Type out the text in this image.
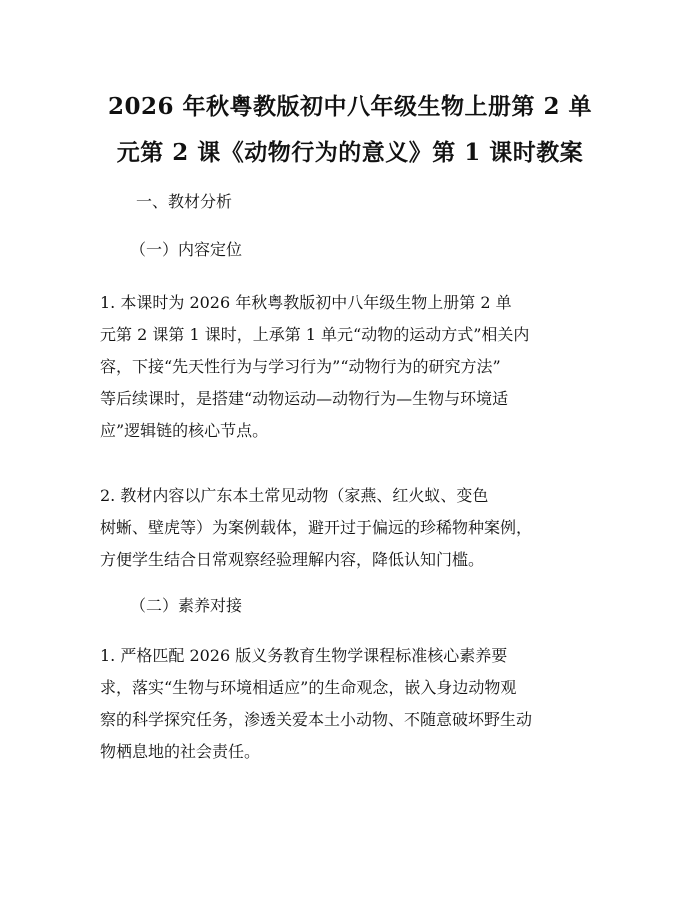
2026 年秋粤教版初中八年级生物上册第 2 单
元第 2 课《动物行为的意义》第 1 课时教案

一、教材分析

（一）内容定位

1. 本课时为 2026 年秋粤教版初中八年级生物上册第 2 单
元第 2 课第 1 课时，上承第 1 单元“动物的运动方式”相关内
容，下接“先天性行为与学习行为”“动物行为的研究方法”
等后续课时，是搭建“动物运动—动物行为—生物与环境适
应”逻辑链的核心节点。

2. 教材内容以广东本土常见动物（家燕、红火蚁、变色
树蜥、壁虎等）为案例载体，避开过于偏远的珍稀物种案例，
方便学生结合日常观察经验理解内容，降低认知门槛。

（二）素养对接

1. 严格匹配 2026 版义务教育生物学课程标准核心素养要
求，落实“生物与环境相适应”的生命观念，嵌入身边动物观
察的科学探究任务，渗透关爱本土小动物、不随意破坏野生动
物栖息地的社会责任。
